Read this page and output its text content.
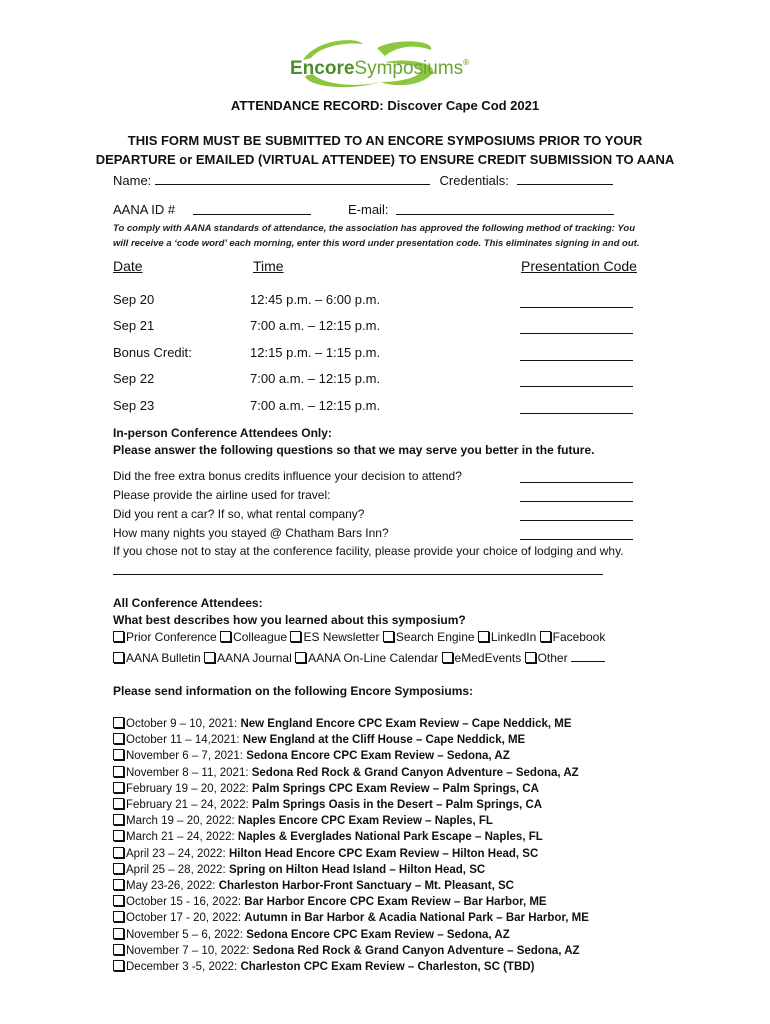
EncoreSymposiums®
ATTENDANCE RECORD: Discover Cape Cod 2021
THIS FORM MUST BE SUBMITTED TO AN ENCORE SYMPOSIUMS PRIOR TO YOUR
DEPARTURE or EMAILED (VIRTUAL ATTENDEE) TO ENSURE CREDIT SUBMISSION TO AANA
Name:	Credentials:
AANA ID #	E-mail:
To comply with AANA standards of attendance, the association has approved the following method of tracking: You
will receive a ‘code word’ each morning, enter this word under presentation code. This eliminates signing in and out.
Date	Time	Presentation Code
Sep 20	12:45 p.m. – 6:00 p.m.
Sep 21	7:00 a.m. – 12:15 p.m.
Bonus Credit:	12:15 p.m. – 1:15 p.m.
Sep 22	7:00 a.m. – 12:15 p.m.
Sep 23	7:00 a.m. – 12:15 p.m.
In-person Conference Attendees Only:
Please answer the following questions so that we may serve you better in the future.
Did the free extra bonus credits influence your decision to attend?
Please provide the airline used for travel:
Did you rent a car? If so, what rental company?
How many nights you stayed @ Chatham Bars Inn?
If you chose not to stay at the conference facility, please provide your choice of lodging and why.
All Conference Attendees:
What best describes how you learned about this symposium?
Prior Conference Colleague ES Newsletter Search Engine LinkedIn Facebook
AANA Bulletin AANA Journal AANA On-Line Calendar eMedEvents Other
Please send information on the following Encore Symposiums:
October 9 – 10, 2021: New England Encore CPC Exam Review – Cape Neddick, ME
October 11 – 14,2021: New England at the Cliff House – Cape Neddick, ME
November 6 – 7, 2021: Sedona Encore CPC Exam Review – Sedona, AZ
November 8 – 11, 2021: Sedona Red Rock & Grand Canyon Adventure – Sedona, AZ
February 19 – 20, 2022: Palm Springs CPC Exam Review – Palm Springs, CA
February 21 – 24, 2022: Palm Springs Oasis in the Desert – Palm Springs, CA
March 19 – 20, 2022: Naples Encore CPC Exam Review – Naples, FL
March 21 – 24, 2022: Naples & Everglades National Park Escape – Naples, FL
April 23 – 24, 2022: Hilton Head Encore CPC Exam Review – Hilton Head, SC
April 25 – 28, 2022: Spring on Hilton Head Island – Hilton Head, SC
May 23-26, 2022: Charleston Harbor-Front Sanctuary – Mt. Pleasant, SC
October 15 - 16, 2022: Bar Harbor Encore CPC Exam Review – Bar Harbor, ME
October 17 - 20, 2022: Autumn in Bar Harbor & Acadia National Park – Bar Harbor, ME
November 5 – 6, 2022: Sedona Encore CPC Exam Review – Sedona, AZ
November 7 – 10, 2022: Sedona Red Rock & Grand Canyon Adventure – Sedona, AZ
December 3 -5, 2022: Charleston CPC Exam Review – Charleston, SC (TBD)
